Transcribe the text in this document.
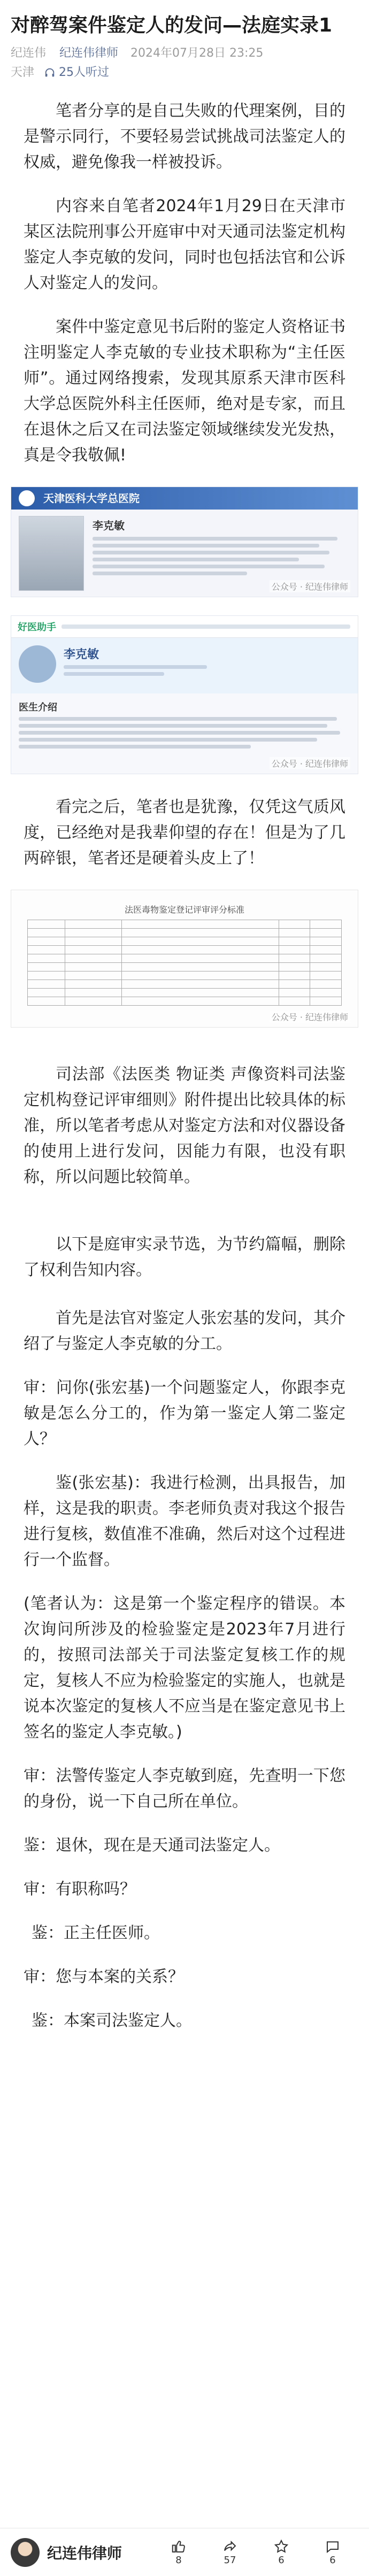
对醉驾案件鉴定人的发问—法庭实录1
纪连伟 纪连伟律师 2024年07月28日 23:25
天津 25人听过

笔者分享的是自己失败的代理案例，目的是警示同行，不要轻易尝试挑战司法鉴定人的权威，避免像我一样被投诉。

内容来自笔者2024年1月29日在天津市某区法院刑事公开庭审中对天通司法鉴定机构鉴定人李克敏的发问，同时也包括法官和公诉人对鉴定人的发问。

案件中鉴定意见书后附的鉴定人资格证书注明鉴定人李克敏的专业技术职称为“主任医师”。通过网络搜索，发现其原系天津市医科大学总医院外科主任医师，绝对是专家，而且在退休之后又在司法鉴定领域继续发光发热，真是令我敬佩!

天津医科大学总医院
李克敏
公众号 · 纪连伟律师
好医助手
李克敏
医生介绍
公众号 · 纪连伟律师

看完之后，笔者也是犹豫，仅凭这气质风度，已经绝对是我辈仰望的存在！但是为了几两碎银，笔者还是硬着头皮上了！

法医毒物鉴定登记评审评分标准

公众号 · 纪连伟律师

司法部《法医类 物证类 声像资料司法鉴定机构登记评审细则》附件提出比较具体的标准，所以笔者考虑从对鉴定方法和对仪器设备的使用上进行发问，因能力有限，也没有职称，所以问题比较简单。

以下是庭审实录节选，为节约篇幅，删除了权利告知内容。

首先是法官对鉴定人张宏基的发问，其介绍了与鉴定人李克敏的分工。

审：问你(张宏基)一个问题鉴定人，你跟李克敏是怎么分工的，作为第一鉴定人第二鉴定人？

鉴(张宏基)：我进行检测，出具报告，加样，这是我的职责。李老师负责对我这个报告进行复核，数值准不准确，然后对这个过程进行一个监督。

(笔者认为：这是第一个鉴定程序的错误。本次询问所涉及的检验鉴定是2023年7月进行的，按照司法部关于司法鉴定复核工作的规定，复核人不应为检验鉴定的实施人，也就是说本次鉴定的复核人不应当是在鉴定意见书上签名的鉴定人李克敏。)

审：法警传鉴定人李克敏到庭，先查明一下您的身份，说一下自己所在单位。

鉴：退休，现在是天通司法鉴定人。

审：有职称吗？

鉴：正主任医师。

审：您与本案的关系？

鉴：本案司法鉴定人。

纪连伟律师	8	57	6	6
